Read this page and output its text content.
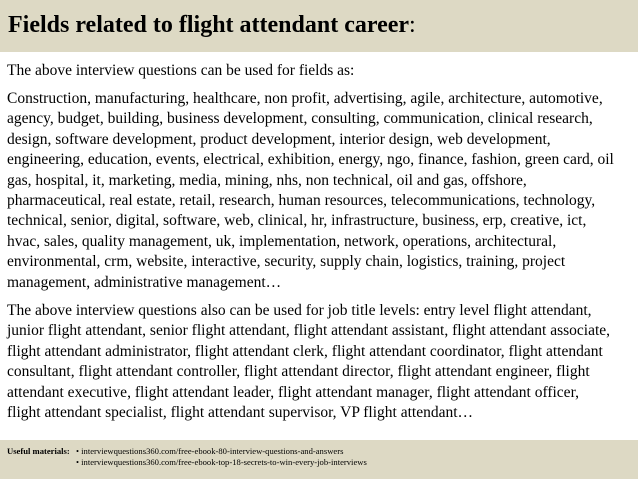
Fields related to flight attendant career:
The above interview questions can be used for fields as:
Construction, manufacturing, healthcare, non profit, advertising, agile, architecture, automotive,
agency, budget, building, business development, consulting, communication, clinical research,
design, software development, product development, interior design, web development,
engineering, education, events, electrical, exhibition, energy, ngo, finance, fashion, green card, oil
gas, hospital, it, marketing, media, mining, nhs, non technical, oil and gas, offshore,
pharmaceutical, real estate, retail, research, human resources, telecommunications, technology,
technical, senior, digital, software, web, clinical, hr, infrastructure, business, erp, creative, ict,
hvac, sales, quality management, uk, implementation, network, operations, architectural,
environmental, crm, website, interactive, security, supply chain, logistics, training, project
management, administrative management…
The above interview questions also can be used for job title levels: entry level flight attendant,
junior flight attendant, senior flight attendant, flight attendant assistant, flight attendant associate,
flight attendant administrator, flight attendant clerk, flight attendant coordinator, flight attendant
consultant, flight attendant controller, flight attendant director, flight attendant engineer, flight
attendant executive, flight attendant leader, flight attendant manager, flight attendant officer,
flight attendant specialist, flight attendant supervisor, VP flight attendant…
Useful materials: • interviewquestions360.com/free-ebook-80-interview-questions-and-answers
• interviewquestions360.com/free-ebook-top-18-secrets-to-win-every-job-interviews
